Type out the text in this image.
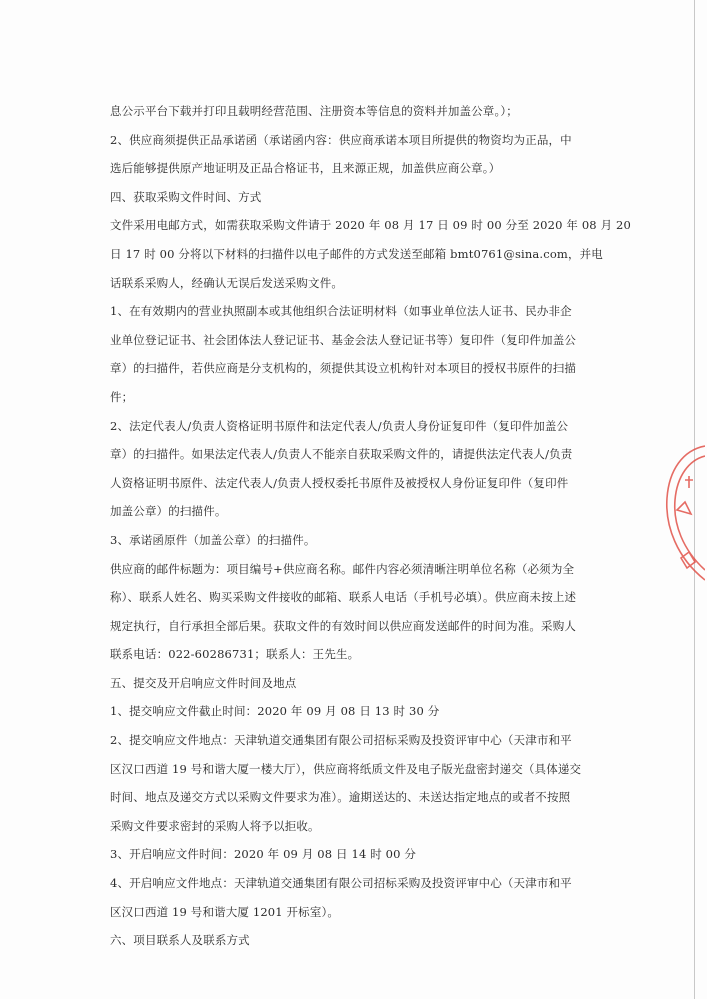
息公示平台下载并打印且载明经营范围、注册资本等信息的资料并加盖公章。）；
2、供应商须提供正品承诺函（承诺函内容：供应商承诺本项目所提供的物资均为正品，中
选后能够提供原产地证明及正品合格证书，且来源正规，加盖供应商公章。）
四、获取采购文件时间、方式
文件采用电邮方式，如需获取采购文件请于 2020 年 08 月 17 日 09 时 00 分至 2020 年 08 月 20
日 17 时 00 分将以下材料的扫描件以电子邮件的方式发送至邮箱 bmt0761@sina.com，并电
话联系采购人，经确认无误后发送采购文件。
1、在有效期内的营业执照副本或其他组织合法证明材料（如事业单位法人证书、民办非企
业单位登记证书、社会团体法人登记证书、基金会法人登记证书等）复印件（复印件加盖公
章）的扫描件，若供应商是分支机构的，须提供其设立机构针对本项目的授权书原件的扫描
件；
2、法定代表人/负责人资格证明书原件和法定代表人/负责人身份证复印件（复印件加盖公
章）的扫描件。如果法定代表人/负责人不能亲自获取采购文件的，请提供法定代表人/负责
人资格证明书原件、法定代表人/负责人授权委托书原件及被授权人身份证复印件（复印件
加盖公章）的扫描件。
3、承诺函原件（加盖公章）的扫描件。
供应商的邮件标题为：项目编号+供应商名称。邮件内容必须清晰注明单位名称（必须为全
称）、联系人姓名、购买采购文件接收的邮箱、联系人电话（手机号必填）。供应商未按上述
规定执行，自行承担全部后果。获取文件的有效时间以供应商发送邮件的时间为准。采购人
联系电话：022-60286731；联系人：王先生。
五、提交及开启响应文件时间及地点
1、提交响应文件截止时间：2020 年 09 月 08 日 13 时 30 分
2、提交响应文件地点：天津轨道交通集团有限公司招标采购及投资评审中心（天津市和平
区汉口西道 19 号和谐大厦一楼大厅），供应商将纸质文件及电子版光盘密封递交（具体递交
时间、地点及递交方式以采购文件要求为准）。逾期送达的、未送达指定地点的或者不按照
采购文件要求密封的采购人将予以拒收。
3、开启响应文件时间：2020 年 09 月 08 日 14 时 00 分
4、开启响应文件地点：天津轨道交通集团有限公司招标采购及投资评审中心（天津市和平
区汉口西道 19 号和谐大厦 1201 开标室）。
六、项目联系人及联系方式
